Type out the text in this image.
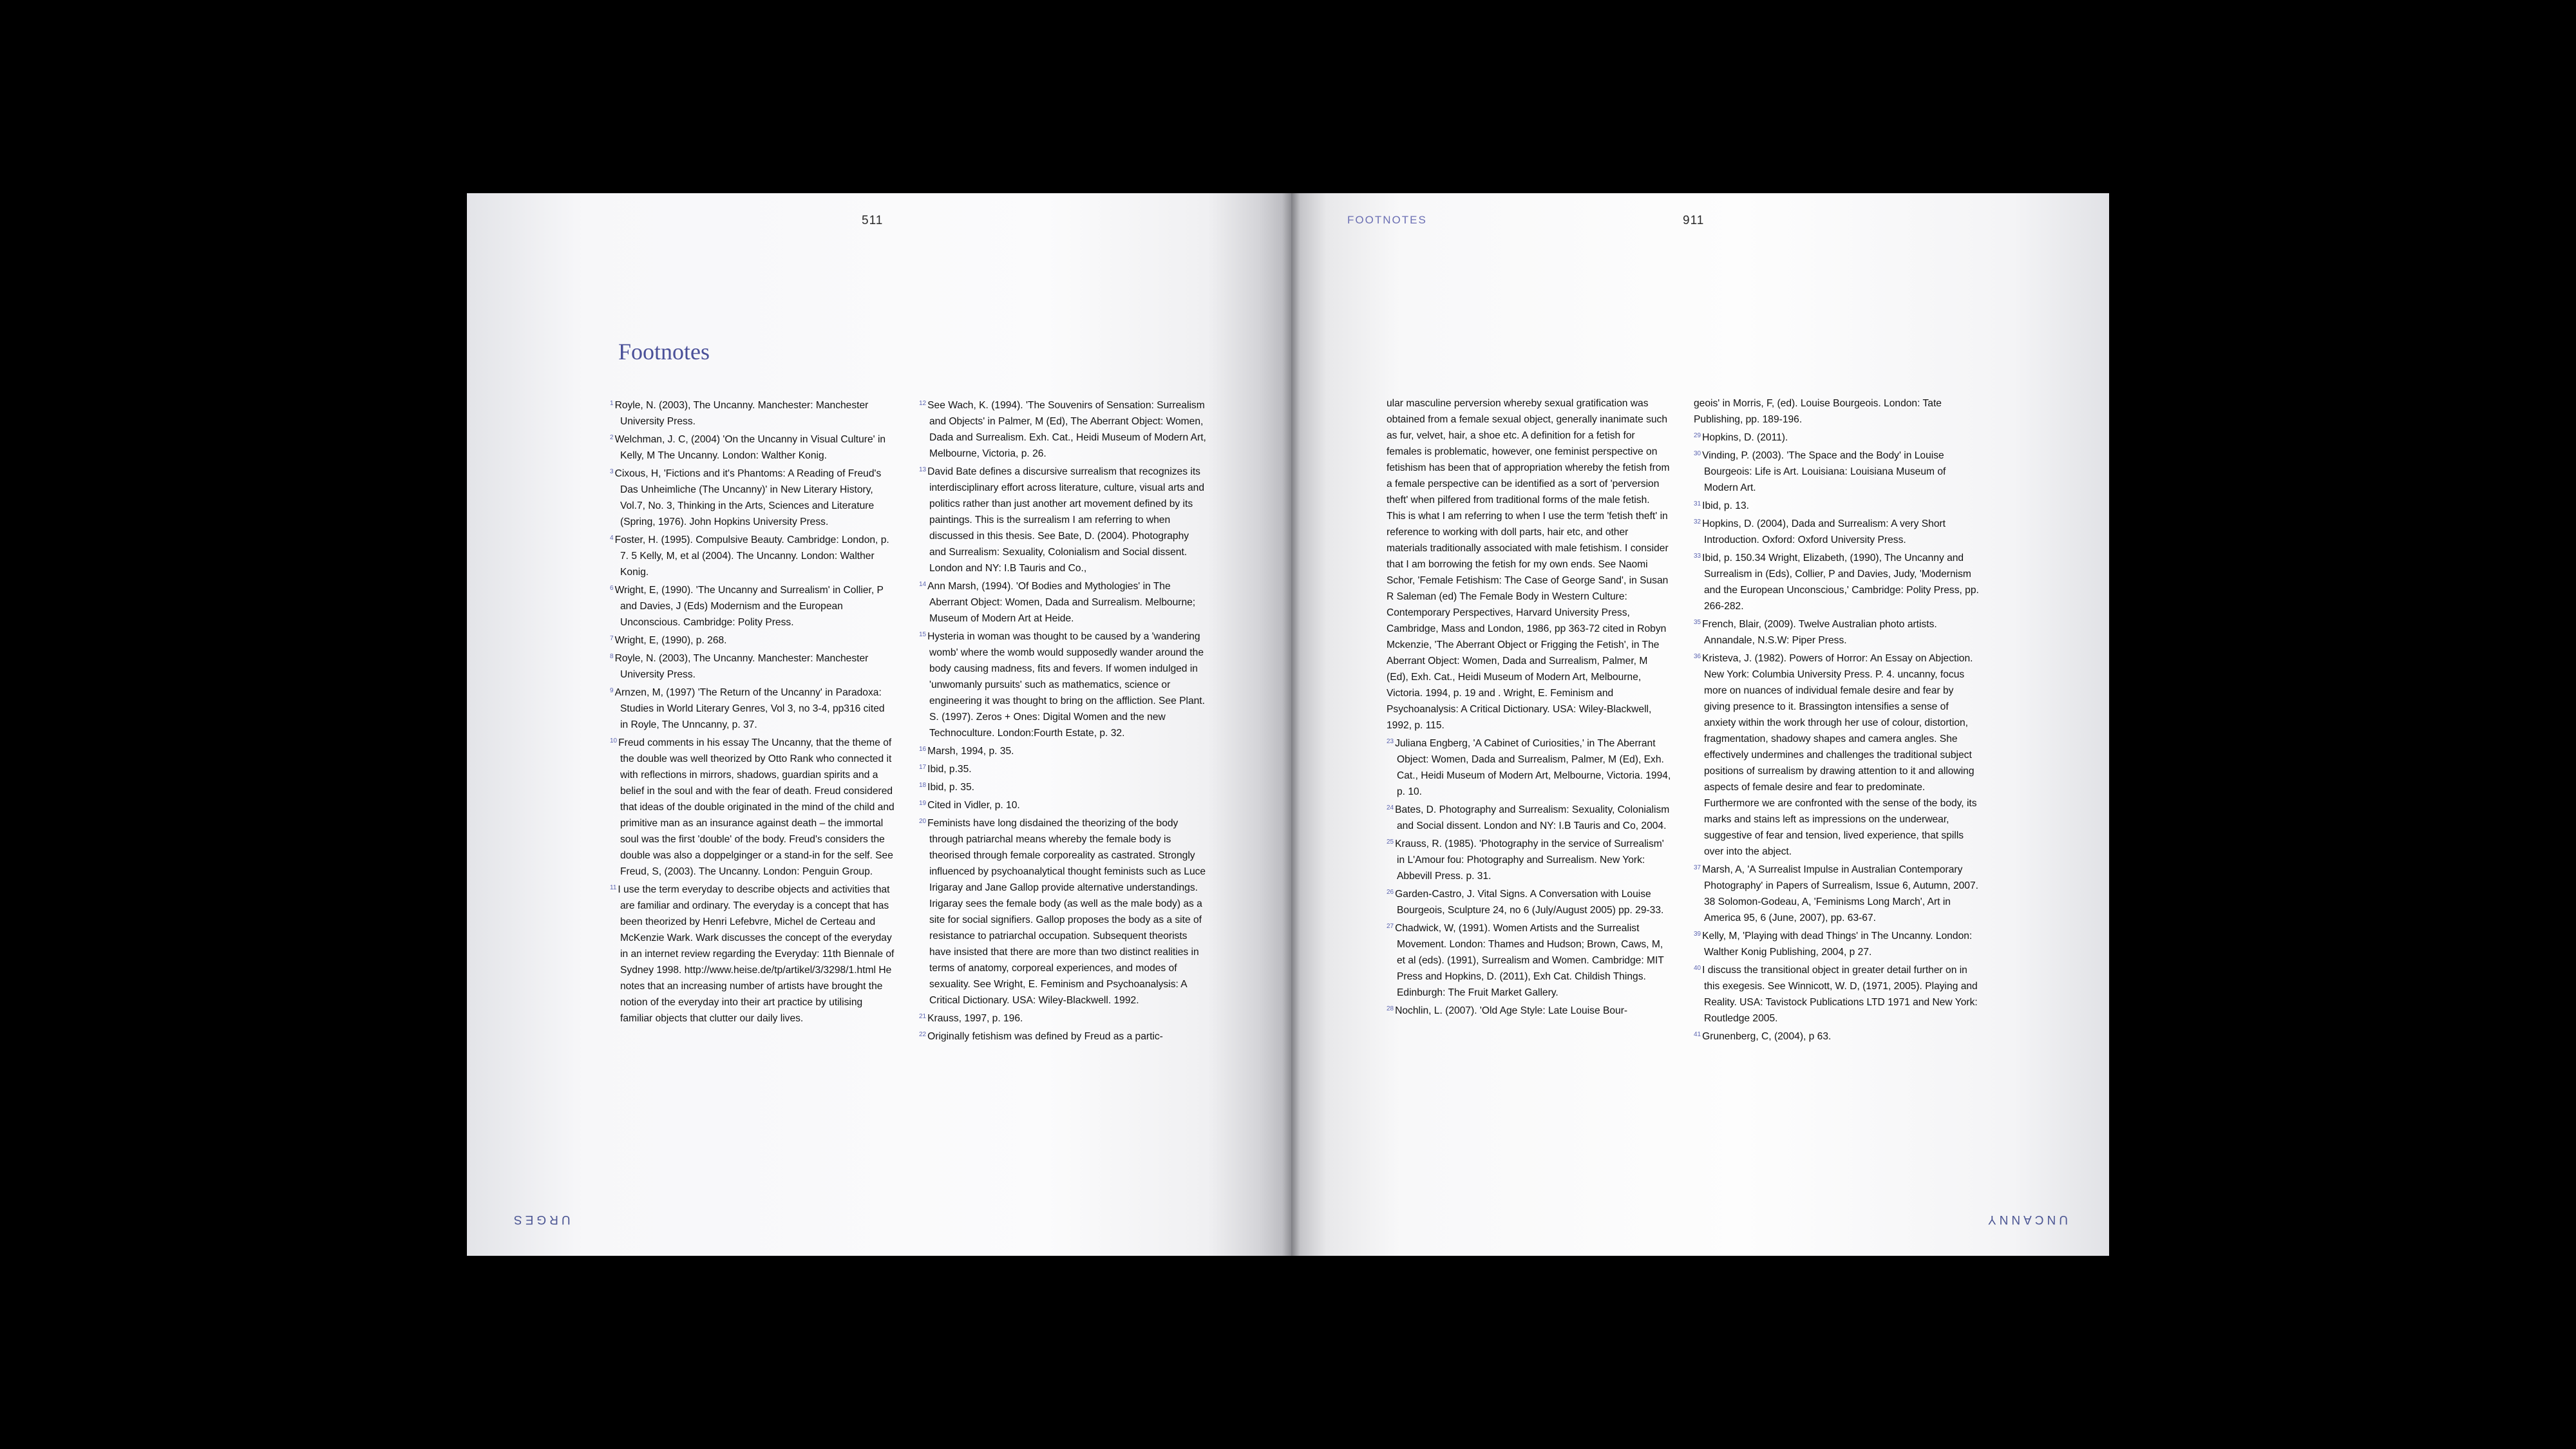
511
Footnotes
$^1$ Royle, N. (2003), The Uncanny. Manchester: Manchester University Press.
$^2$ Welchman, J. C, (2004) 'On the Uncanny in Visual Culture' in Kelly, M The Uncanny. London: Walther Konig.
$^3$ Cixous, H, 'Fictions and it's Phantoms: A Reading of Freud's Das Unheimliche (The Uncanny)' in New Literary History, Vol.7, No. 3, Thinking in the Arts, Sciences and Literature (Spring, 1976). John Hopkins University Press.
$^4$ Foster, H. (1995). Compulsive Beauty. Cambridge: London, p. 7. 5 Kelly, M, et al (2004). The Uncanny. London: Walther Konig.
$^6$ Wright, E, (1990). 'The Uncanny and Surrealism' in Collier, P and Davies, J (Eds) Modernism and the European Unconscious. Cambridge: Polity Press.
$^7$ Wright, E, (1990), p. 268.
$^8$ Royle, N. (2003), The Uncanny. Manchester: Manchester University Press.
$^9$ Arnzen, M, (1997) 'The Return of the Uncanny' in Paradoxa: Studies in World Literary Genres, Vol 3, no 3-4, pp316 cited in Royle, The Unncanny, p. 37.
$^{10}$ Freud comments in his essay The Uncanny, that the theme of the double was well theorized by Otto Rank who connected it with reflections in mirrors, shadows, guardian spirits and a belief in the soul and with the fear of death. Freud considered that ideas of the double originated in the mind of the child and primitive man as an insurance against death – the immortal soul was the first 'double' of the body. Freud's considers the double was also a doppelginger or a stand-in for the self. See Freud, S, (2003). The Uncanny. London: Penguin Group.
$^{11}$ I use the term everyday to describe objects and activities that are familiar and ordinary. The everyday is a concept that has been theorized by Henri Lefebvre, Michel de Certeau and McKenzie Wark. Wark discusses the concept of the everyday in an internet review regarding the Everyday: 11th Biennale of Sydney 1998. http://www.heise.de/tp/artikel/3/3298/1.html He notes that an increasing number of artists have brought the notion of the everyday into their art practice by utilising familiar objects that clutter our daily lives.
$^{12}$ See Wach, K. (1994). 'The Souvenirs of Sensation: Surrealism and Objects' in Palmer, M (Ed), The Aberrant Object: Women, Dada and Surrealism. Exh. Cat., Heidi Museum of Modern Art, Melbourne, Victoria, p. 26.
$^{13}$ David Bate defines a discursive surrealism that recognizes its interdisciplinary effort across literature, culture, visual arts and politics rather than just another art movement defined by its paintings. This is the surrealism I am referring to when discussed in this thesis. See Bate, D. (2004). Photography and Surrealism: Sexuality, Colonialism and Social dissent. London and NY: I.B Tauris and Co.,
$^{14}$ Ann Marsh, (1994). 'Of Bodies and Mythologies' in The Aberrant Object: Women, Dada and Surrealism. Melbourne; Museum of Modern Art at Heide.
$^{15}$ Hysteria in woman was thought to be caused by a 'wandering womb' where the womb would supposedly wander around the body causing madness, fits and fevers. If women indulged in 'unwomanly pursuits' such as mathematics, science or engineering it was thought to bring on the affliction. See Plant. S. (1997). Zeros + Ones: Digital Women and the new Technoculture. London:Fourth Estate, p. 32.
$^{16}$ Marsh, 1994, p. 35.
$^{17}$ Ibid, p.35.
$^{18}$ Ibid, p. 35.
$^{19}$ Cited in Vidler, p. 10.
$^{20}$ Feminists have long disdained the theorizing of the body through patriarchal means whereby the female body is theorised through female corporeality as castrated. Strongly influenced by psychoanalytical thought feminists such as Luce Irigaray and Jane Gallop provide alternative understandings. Irigaray sees the female body (as well as the male body) as a site for social signifiers. Gallop proposes the body as a site of resistance to patriarchal occupation. Subsequent theorists have insisted that there are more than two distinct realities in terms of anatomy, corporeal experiences, and modes of sexuality. See Wright, E. Feminism and Psychoanalysis: A Critical Dictionary. USA: Wiley-Blackwell. 1992.
$^{21}$ Krauss, 1997, p. 196.
$^{22}$ Originally fetishism was defined by Freud as a partic-
URGES
FOOTNOTES	911
ular masculine perversion whereby sexual gratification was obtained from a female sexual object, generally inanimate such as fur, velvet, hair, a shoe etc. A definition for a fetish for females is problematic, however, one feminist perspective on fetishism has been that of appropriation whereby the fetish from a female perspective can be identified as a sort of 'perversion theft' when pilfered from traditional forms of the male fetish. This is what I am referring to when I use the term 'fetish theft' in reference to working with doll parts, hair etc, and other materials traditionally associated with male fetishism. I consider that I am borrowing the fetish for my own ends. See Naomi Schor, 'Female Fetishism: The Case of George Sand', in Susan R Saleman (ed) The Female Body in Western Culture: Contemporary Perspectives, Harvard University Press, Cambridge, Mass and London, 1986, pp 363-72 cited in Robyn Mckenzie, 'The Aberrant Object or Frigging the Fetish', in The Aberrant Object: Women, Dada and Surrealism, Palmer, M (Ed), Exh. Cat., Heidi Museum of Modern Art, Melbourne, Victoria. 1994, p. 19 and . Wright, E. Feminism and Psychoanalysis: A Critical Dictionary. USA: Wiley-Blackwell, 1992, p. 115.
$^{23}$ Juliana Engberg, 'A Cabinet of Curiosities,' in The Aberrant Object: Women, Dada and Surrealism, Palmer, M (Ed), Exh. Cat., Heidi Museum of Modern Art, Melbourne, Victoria. 1994, p. 10.
$^{24}$ Bates, D. Photography and Surrealism: Sexuality, Colonialism and Social dissent. London and NY: I.B Tauris and Co, 2004.
$^{25}$ Krauss, R. (1985). 'Photography in the service of Surrealism' in L'Amour fou: Photography and Surrealism. New York: Abbevill Press. p. 31.
$^{26}$ Garden-Castro, J. Vital Signs. A Conversation with Louise Bourgeois, Sculpture 24, no 6 (July/August 2005) pp. 29-33.
$^{27}$ Chadwick, W, (1991). Women Artists and the Surrealist Movement. London: Thames and Hudson; Brown, Caws, M, et al (eds). (1991), Surrealism and Women. Cambridge: MIT Press and Hopkins, D. (2011), Exh Cat. Childish Things. Edinburgh: The Fruit Market Gallery.
$^{28}$ Nochlin, L. (2007). 'Old Age Style: Late Louise Bour-
geois' in Morris, F, (ed). Louise Bourgeois. London: Tate Publishing, pp. 189-196.
$^{29}$ Hopkins, D. (2011).
$^{30}$ Vinding, P. (2003). 'The Space and the Body' in Louise Bourgeois: Life is Art. Louisiana: Louisiana Museum of Modern Art.
$^{31}$ Ibid, p. 13.
$^{32}$ Hopkins, D. (2004), Dada and Surrealism: A very Short Introduction. Oxford: Oxford University Press.
$^{33}$ Ibid, p. 150.34 Wright, Elizabeth, (1990), The Uncanny and Surrealism in (Eds), Collier, P and Davies, Judy, 'Modernism and the European Unconscious,' Cambridge: Polity Press, pp. 266-282.
$^{35}$ French, Blair, (2009). Twelve Australian photo artists. Annandale, N.S.W: Piper Press.
$^{36}$ Kristeva, J. (1982). Powers of Horror: An Essay on Abjection. New York: Columbia University Press. P. 4. uncanny, focus more on nuances of individual female desire and fear by giving presence to it. Brassington intensifies a sense of anxiety within the work through her use of colour, distortion, fragmentation, shadowy shapes and camera angles. She effectively undermines and challenges the traditional subject positions of surrealism by drawing attention to it and allowing aspects of female desire and fear to predominate. Furthermore we are confronted with the sense of the body, its marks and stains left as impressions on the underwear, suggestive of fear and tension, lived experience, that spills over into the abject.
$^{37}$ Marsh, A, 'A Surrealist Impulse in Australian Contemporary Photography' in Papers of Surrealism, Issue 6, Autumn, 2007. 38 Solomon-Godeau, A, 'Feminisms Long March', Art in America 95, 6 (June, 2007), pp. 63-67.
$^{39}$ Kelly, M, 'Playing with dead Things' in The Uncanny. London: Walther Konig Publishing, 2004, p 27.
$^{40}$ I discuss the transitional object in greater detail further on in this exegesis. See Winnicott, W. D, (1971, 2005). Playing and Reality. USA: Tavistock Publications LTD 1971 and New York: Routledge 2005.
$^{41}$ Grunenberg, C, (2004), p 63.
UNCANNY
